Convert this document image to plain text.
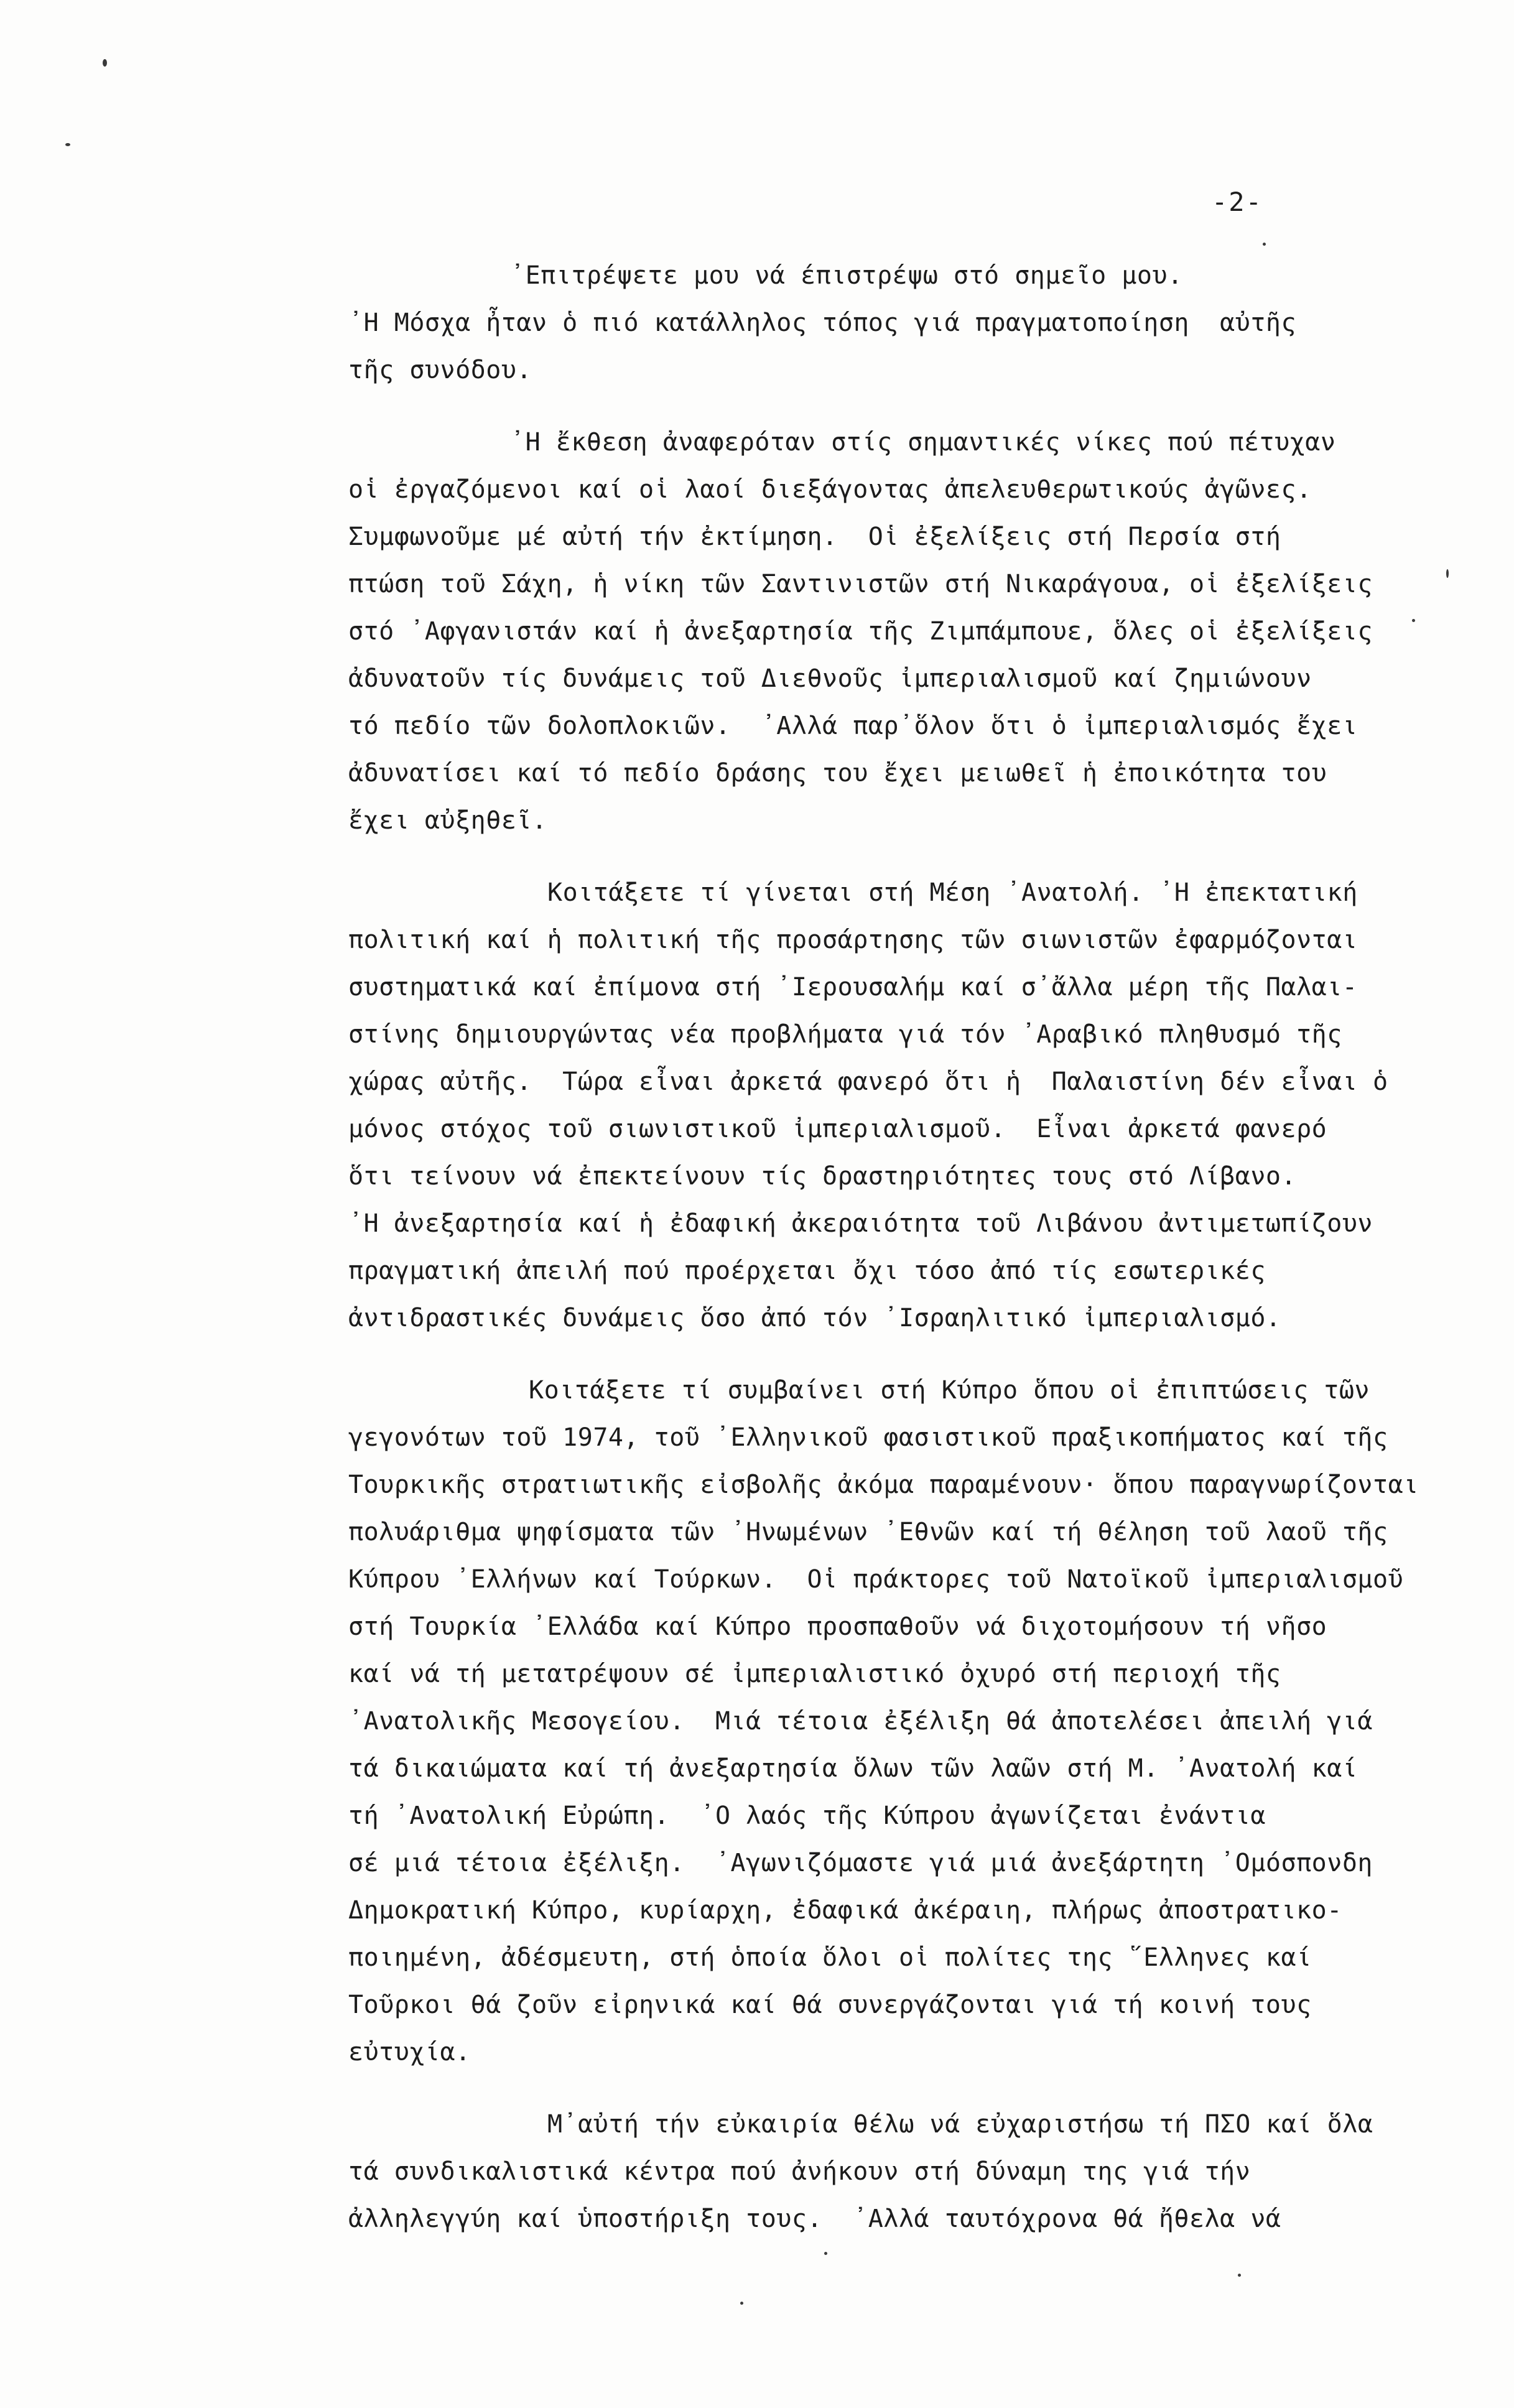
-2-
᾿Επιτρέψετε μου νά έπιστρέψω στό σημεῖο μου.
᾿Η Μόσχα ἦταν ὁ πιό κατάλληλος τόπος γιά πραγματοποίηση  αὐτῆς
τῆς συνόδου.
᾿Η ἔκθεση ἀναφερόταν στίς σημαντικές νίκες πού πέτυχαν
οἱ ἐργαζόμενοι καί οἱ λαοί διεξάγοντας ἀπελευθερωτικούς ἀγῶνες.
Συμφωνοῦμε μέ αὐτή τήν ἐκτίμηση.  Οἱ ἐξελίξεις στή Περσία στή
πτώση τοῦ Σάχη, ἡ νίκη τῶν Σαντινιστῶν στή Νικαράγουα, οἱ ἐξελίξεις
στό ᾿Αφγανιστάν καί ἡ ἀνεξαρτησία τῆς Ζιμπάμπουε, ὅλες οἱ ἐξελίξεις
ἀδυνατοῦν τίς δυνάμεις τοῦ Διεθνοῦς ἰμπεριαλισμοῦ καί ζημιώνουν
τό πεδίο τῶν δολοπλοκιῶν.  ᾿Αλλά παρ᾿ὅλον ὅτι ὁ ἰμπεριαλισμός ἔχει
ἀδυνατίσει καί τό πεδίο δράσης του ἔχει μειωθεῖ ἡ ἐποικότητα του
ἔχει αὐξηθεῖ.
Κοιτάξετε τί γίνεται στή Μέση ᾿Ανατολή. ᾿Η ἐπεκτατική
πολιτική καί ἡ πολιτική τῆς προσάρτησης τῶν σιωνιστῶν ἐφαρμόζονται
συστηματικά καί ἐπίμονα στή ᾿Ιερουσαλήμ καί σ᾿ἄλλα μέρη τῆς Παλαι-
στίνης δημιουργώντας νέα προβλήματα γιά τόν ᾿Αραβικό πληθυσμό τῆς
χώρας αὐτῆς.  Τώρα εἶναι ἀρκετά φανερό ὅτι ἡ  Παλαιστίνη δέν εἶναι ὁ
μόνος στόχος τοῦ σιωνιστικοῦ ἰμπεριαλισμοῦ.  Εἶναι ἀρκετά φανερό
ὅτι τείνουν νά ἐπεκτείνουν τίς δραστηριότητες τους στό Λίβανο.
᾿Η ἀνεξαρτησία καί ἡ ἐδαφική ἀκεραιότητα τοῦ Λιβάνου ἀντιμετωπίζουν
πραγματική ἀπειλή πού προέρχεται ὄχι τόσο ἀπό τίς εσωτερικές
ἀντιδραστικές δυνάμεις ὅσο ἀπό τόν ᾿Ισραηλιτικό ἰμπεριαλισμό.
Κοιτάξετε τί συμβαίνει στή Κύπρο ὅπου οἱ ἐπιπτώσεις τῶν
γεγονότων τοῦ 1974, τοῦ ᾿Ελληνικοῦ φασιστικοῦ πραξικοπήματος καί τῆς
Τουρκικῆς στρατιωτικῆς εἰσβολῆς ἀκόμα παραμένουν· ὅπου παραγνωρίζονται
πολυάριθμα ψηφίσματα τῶν ᾿Ηνωμένων ᾿Εθνῶν καί τή θέληση τοῦ λαοῦ τῆς
Κύπρου ᾿Ελλήνων καί Τούρκων.  Οἱ πράκτορες τοῦ Νατοϊκοῦ ἰμπεριαλισμοῦ
στή Τουρκία ᾿Ελλάδα καί Κύπρο προσπαθοῦν νά διχοτομήσουν τή νῆσο
καί νά τή μετατρέψουν σέ ἰμπεριαλιστικό ὀχυρό στή περιοχή τῆς
᾿Ανατολικῆς Μεσογείου.  Μιά τέτοια ἐξέλιξη θά ἀποτελέσει ἀπειλή γιά
τά δικαιώματα καί τή ἀνεξαρτησία ὅλων τῶν λαῶν στή Μ. ᾿Ανατολή καί
τή ᾿Ανατολική Εὐρώπη.  ᾿Ο λαός τῆς Κύπρου ἀγωνίζεται ἐνάντια
σέ μιά τέτοια ἐξέλιξη.  ᾿Αγωνιζόμαστε γιά μιά ἀνεξάρτητη ᾿Ομόσπονδη
Δημοκρατική Κύπρο, κυρίαρχη, ἐδαφικά ἀκέραιη, πλήρως ἀποστρατικο-
ποιημένη, ἀδέσμευτη, στή ὁποία ὅλοι οἱ πολίτες της ῞Ελληνες καί
Τοῦρκοι θά ζοῦν εἰρηνικά καί θά συνεργάζονται γιά τή κοινή τους
εὐτυχία.
Μ᾿αὐτή τήν εὐκαιρία θέλω νά εὐχαριστήσω τή ΠΣΟ καί ὅλα
τά συνδικαλιστικά κέντρα πού ἀνήκουν στή δύναμη της γιά τήν
ἀλληλεγγύη καί ὑποστήριξη τους.  ᾿Αλλά ταυτόχρονα θά ἤθελα νά
